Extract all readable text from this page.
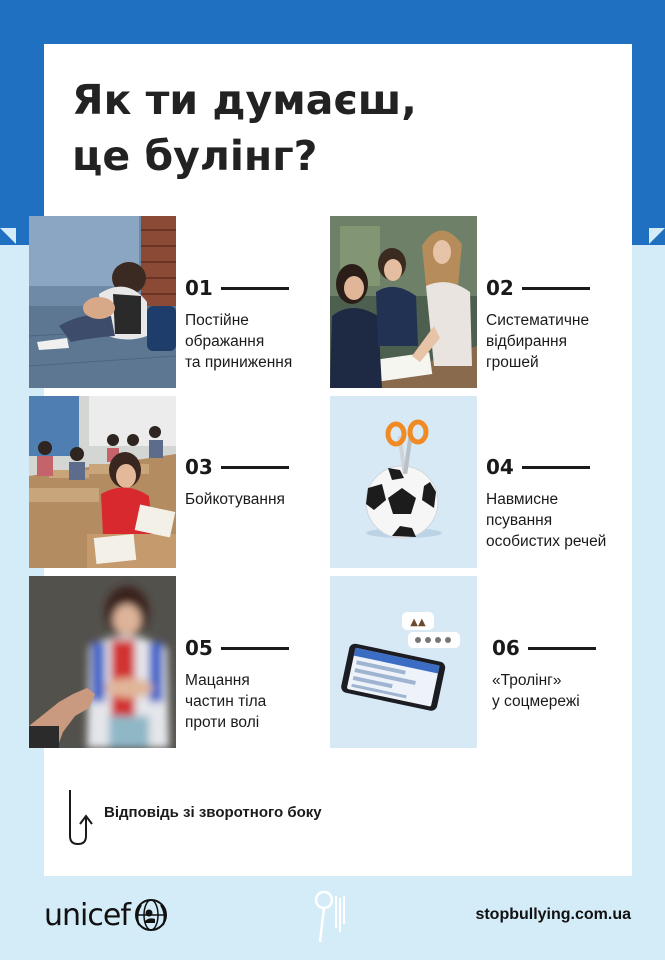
Як ти думаєш,
це булінг?
▲▲
01
Постійне
ображання
та приниження
02
Систематичне
відбирання
грошей
03
Бойкотування
04
Навмисне
псування
особистих речей
05
Мацання
частин тіла
проти волі
06
«Тролінг»
у соцмережі
Відповідь зі зворотного боку
unicef	stopbullying.com.ua
